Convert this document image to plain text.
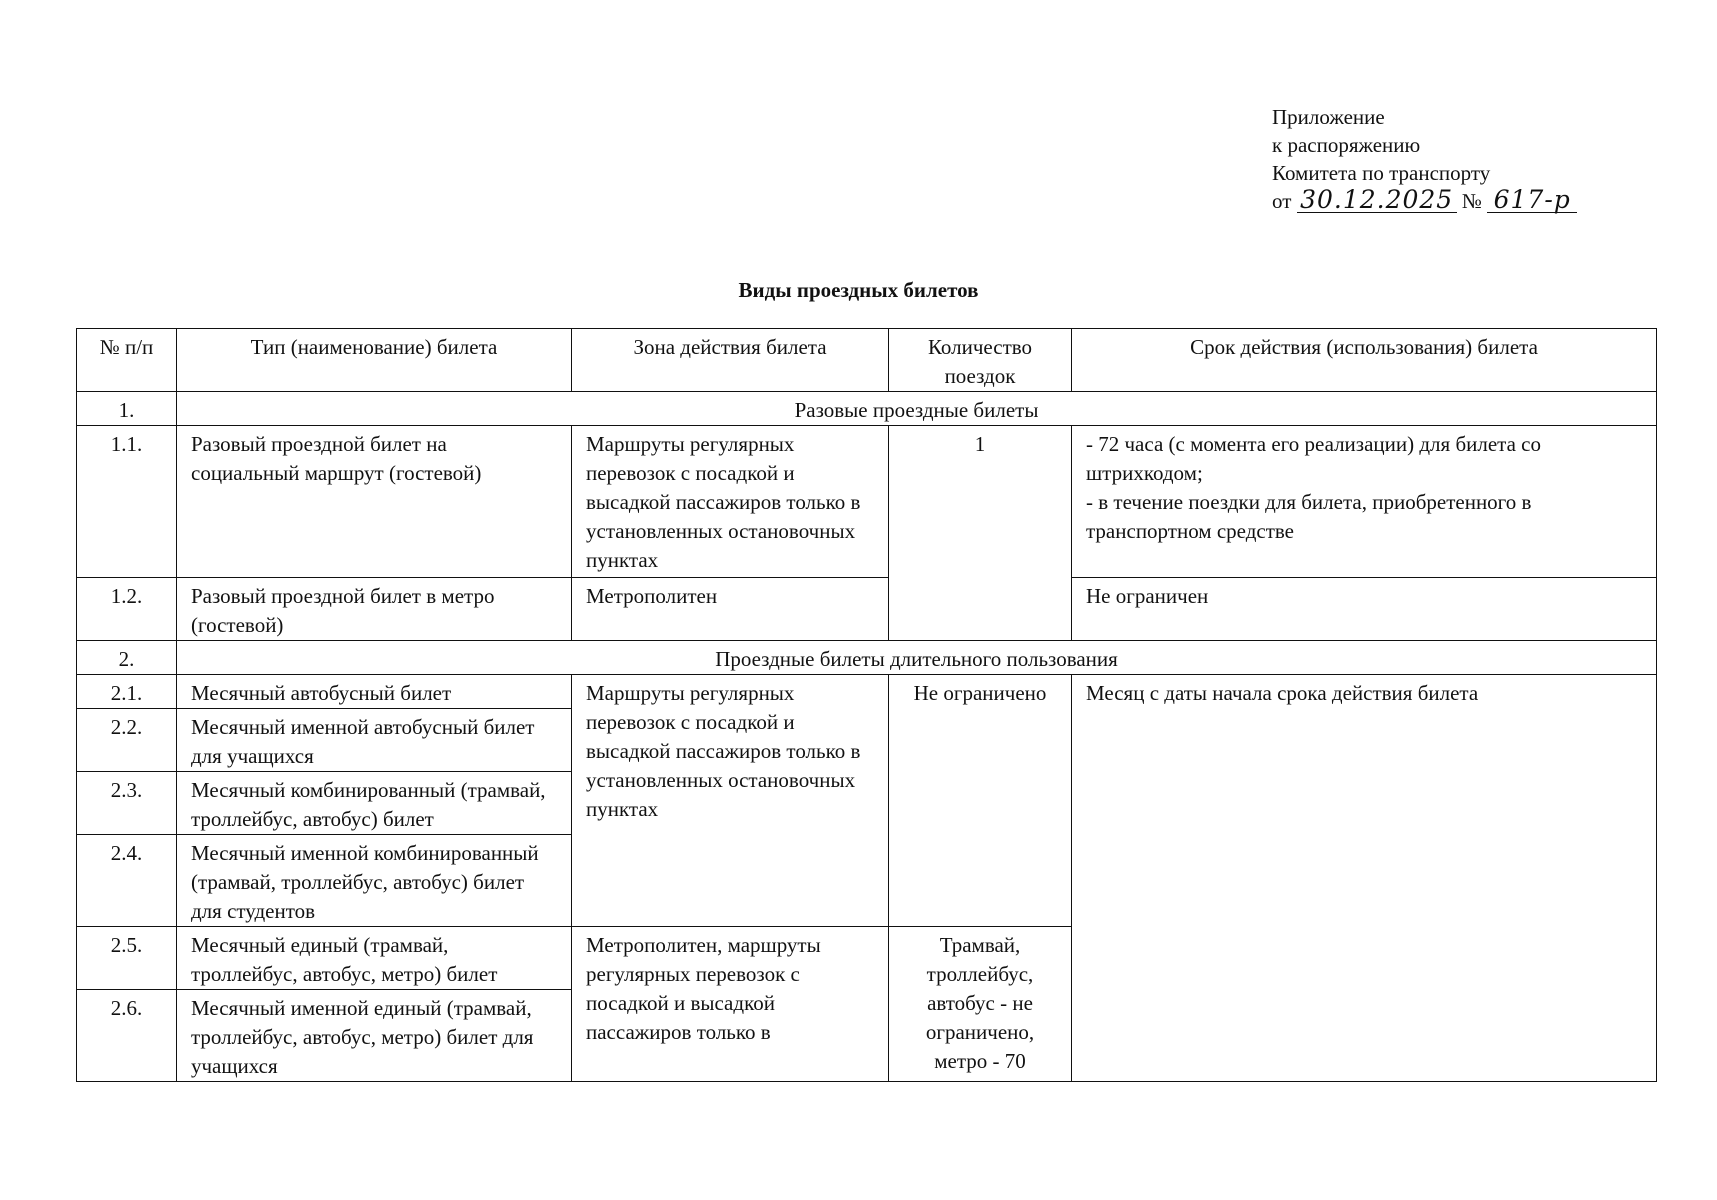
Приложение
к распоряжению
Комитета по транспорту
от 30.12.2025 № 617-р
Виды проездных билетов
№ п/п	Тип (наименование) билета	Зона действия билета	Количество поездок	Срок действия (использования) билета
1.	Разовые проездные билеты			
1.1.	Разовый проездной билет на социальный маршрут (гостевой)	Маршруты регулярных перевозок с посадкой и высадкой пассажиров только в установленных остановочных пунктах	1	- 72 часа (с момента его реализации) для билета со штрихкодом;
- в течение поездки для билета, приобретенного в транспортном средстве

1.2.	Разовый проездной билет в метро (гостевой)	Метрополитен		Не ограничен
2.	Проездные билеты длительного пользования			
2.1.	Месячный автобусный билет	Маршруты регулярных перевозок с посадкой и высадкой пассажиров только в установленных остановочных пунктах	Не ограничено	Месяц с даты начала срока действия билета
2.2.	Месячный именной автобусный билет для учащихся			
2.3.	Месячный комбинированный (трамвай, троллейбус, автобус) билет			
2.4.	Месячный именной комбинированный (трамвай, троллейбус, автобус) билет для студентов			
2.5.	Месячный единый (трамвай, троллейбус, автобус, метро) билет	Метрополитен, маршруты регулярных перевозок с посадкой и высадкой пассажиров только в	Трамвай, троллейбус, автобус - не ограничено, метро - 70	
2.6.	Месячный именной единый (трамвай, троллейбус, автобус, метро) билет для учащихся			
